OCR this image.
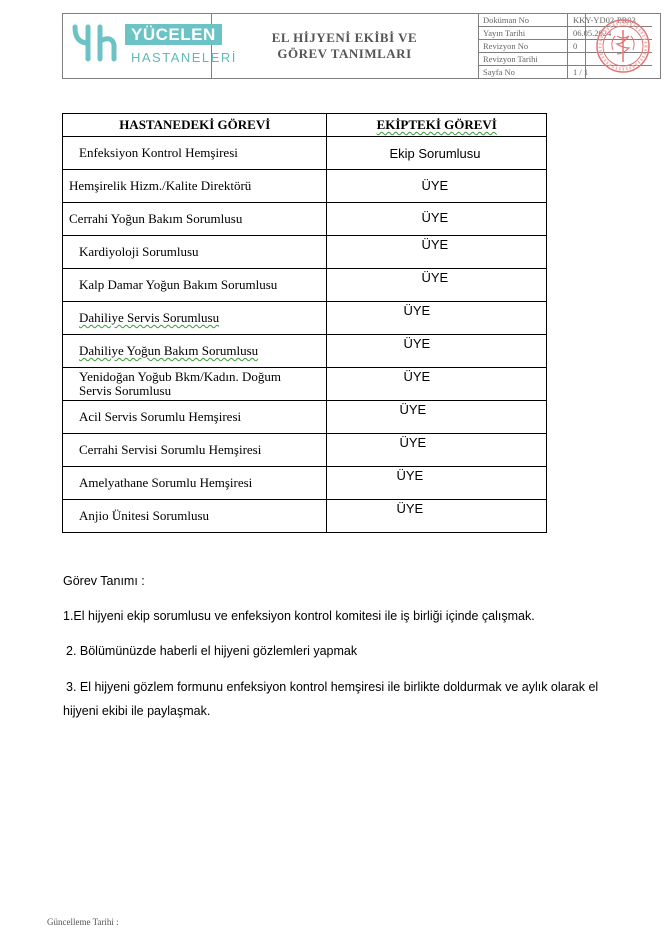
YÜCELEN
HASTANELERİ
EL HİJYENİ EKİBİ VE
GÖREV TANIMLARI
Doküman No	KKY-YD02-PR03
Yayın Tarihi	06.05.2024
Revizyon No	0
Revizyon Tarihi
Sayfa No	1 / 1
HASTANEDEKİ GÖREVİ	EKİPTEKİ GÖREVİ

Enfeksiyon Kontrol Hemşiresi	Ekip Sorumlusu

Hemşirelik Hizm./Kalite Direktörü	ÜYE

Cerrahi Yoğun Bakım Sorumlusu	ÜYE

Kardiyoloji Sorumlusu	ÜYE

Kalp Damar Yoğun Bakım Sorumlusu	ÜYE

Dahiliye Servis Sorumlusu	ÜYE

Dahiliye Yoğun Bakım Sorumlusu	ÜYE

Yenidoğan Yoğub Bkm/Kadın. Doğum
Servis Sorumlusu	ÜYE

Acil Servis Sorumlu Hemşiresi	ÜYE

Cerrahi Servisi Sorumlu Hemşiresi	ÜYE

Amelyathane Sorumlu Hemşiresi	ÜYE

Anjio Ünitesi Sorumlusu	ÜYE
Görev Tanımı :
1.El hijyeni ekip sorumlusu ve enfeksiyon kontrol komitesi ile iş birliği içinde çalışmak.
2. Bölümünüzde haberli el hijyeni gözlemleri yapmak
3. El hijyeni gözlem formunu enfeksiyon kontrol hemşiresi ile birlikte doldurmak ve aylık olarak el
hijyeni ekibi ile paylaşmak.
Güncelleme Tarihi :
